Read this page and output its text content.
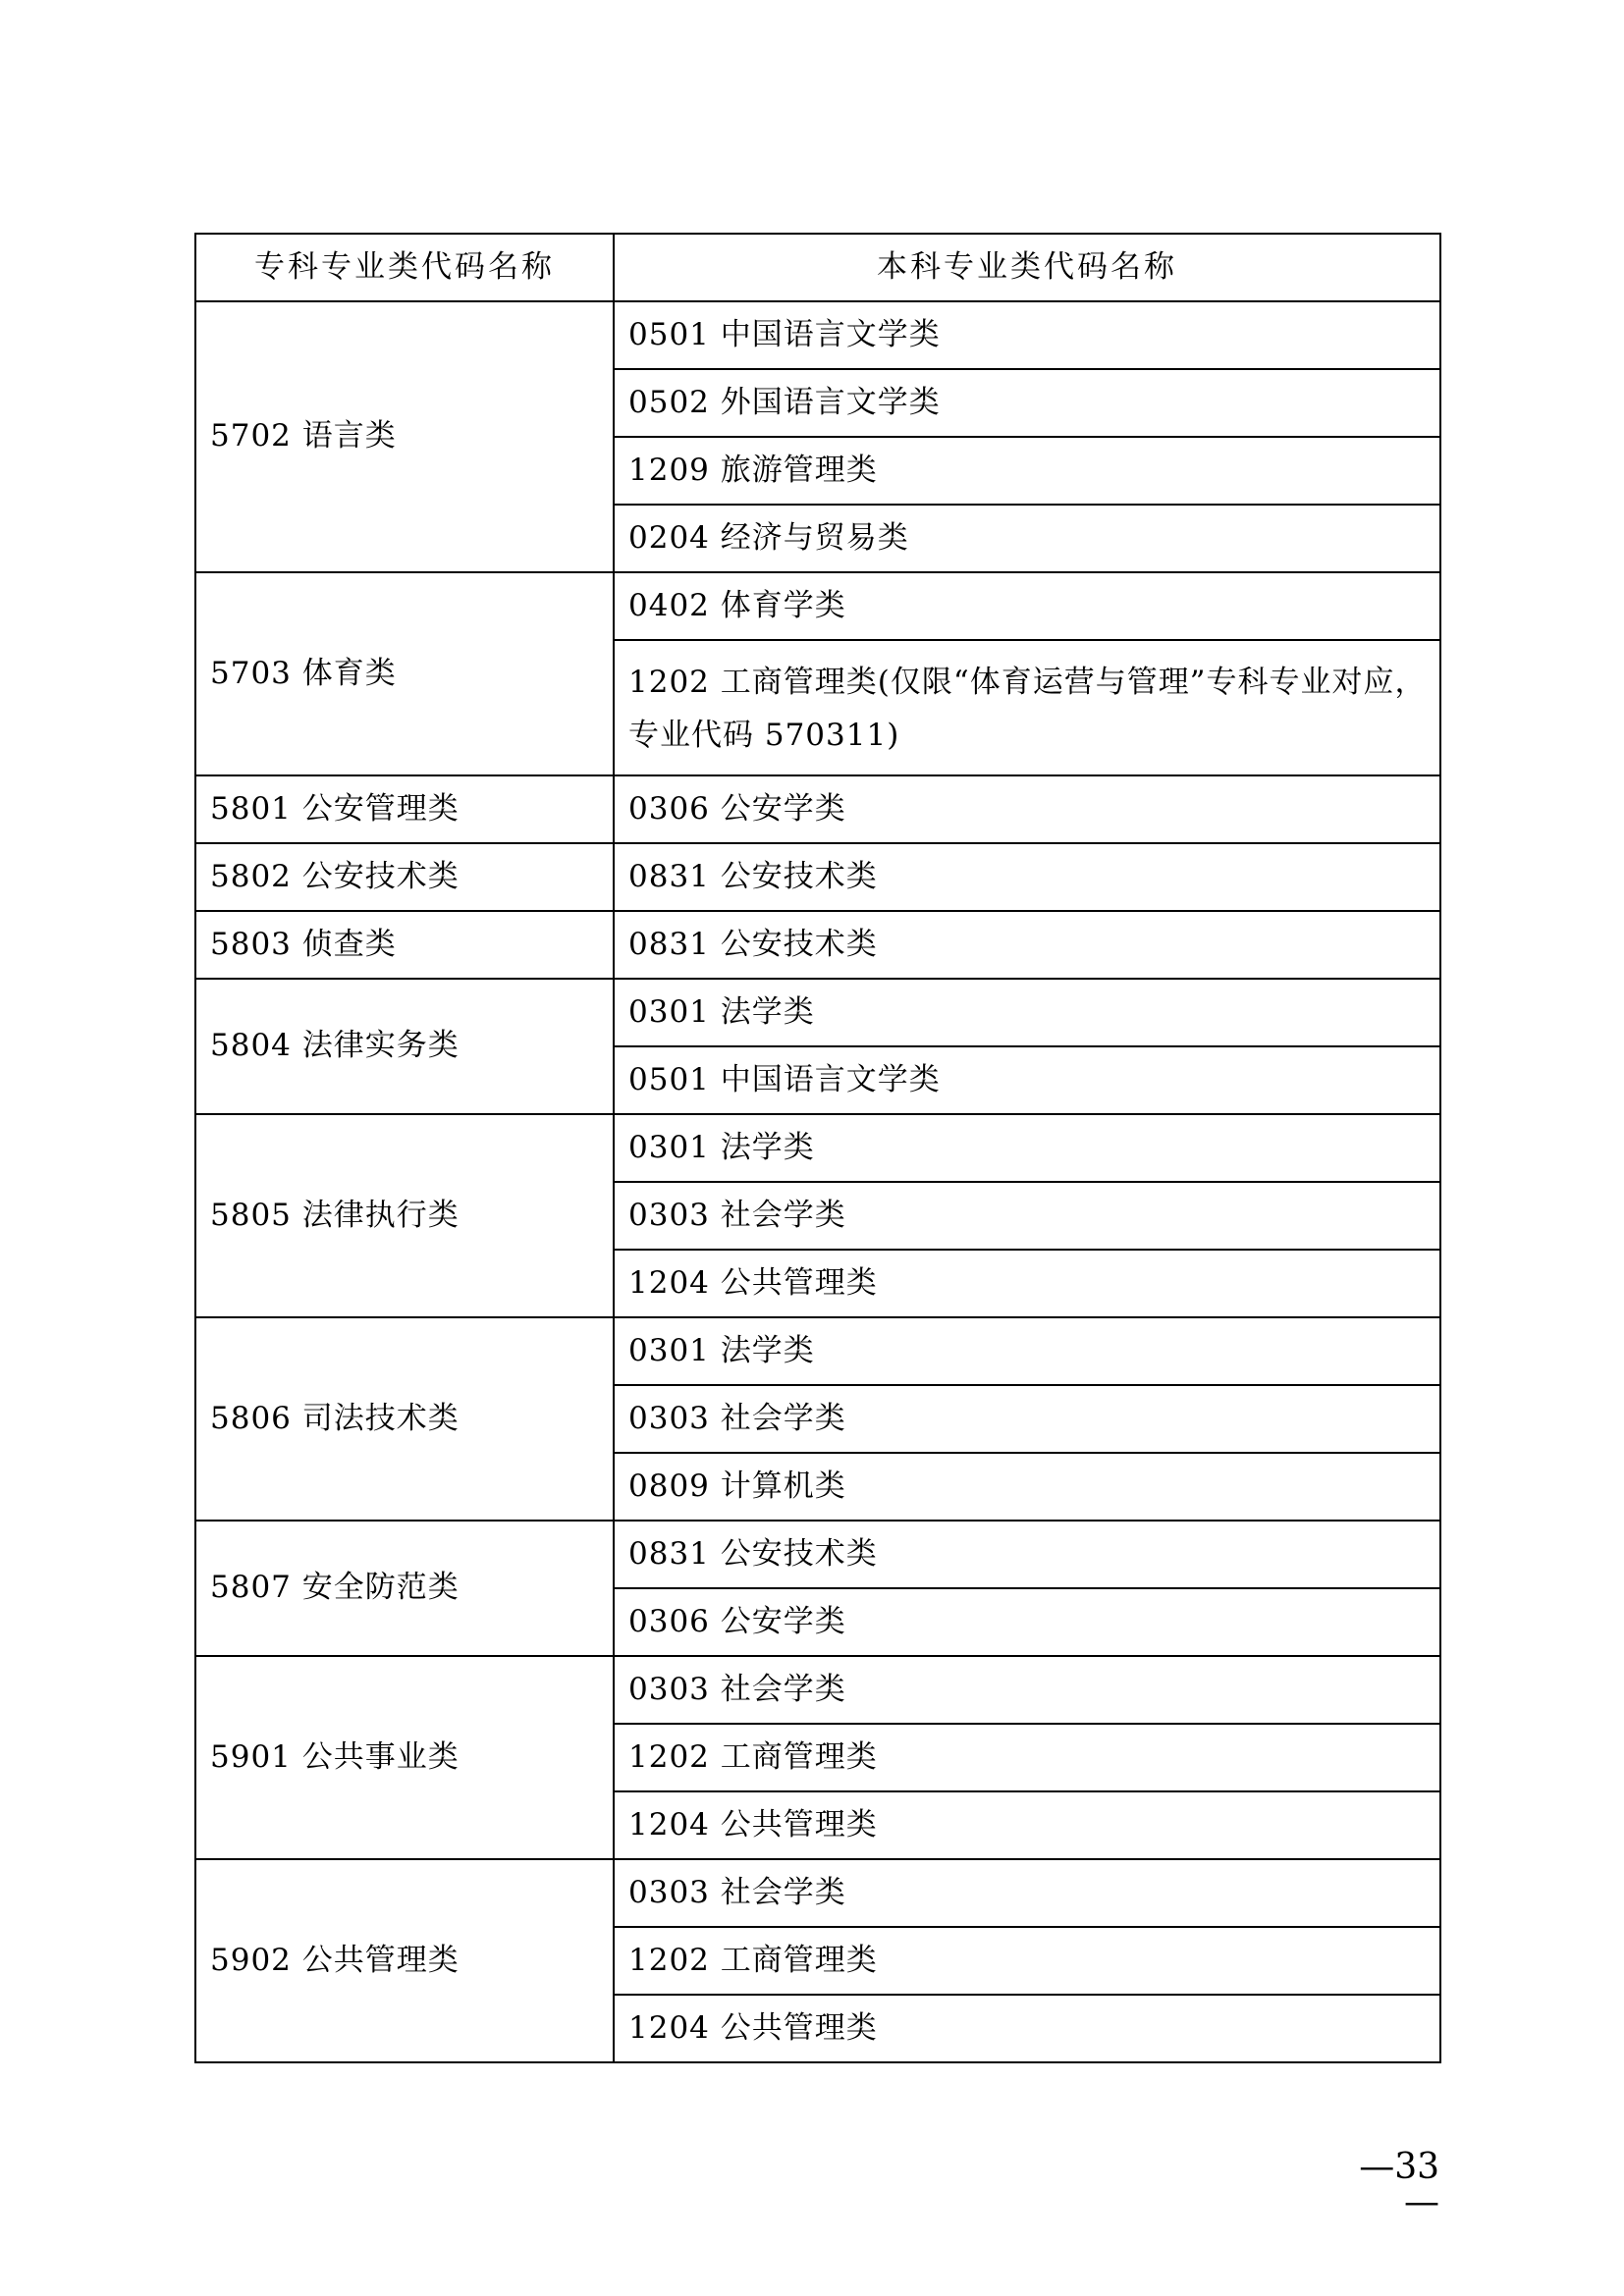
专科专业类代码名称	本科专业类代码名称
5702 语言类	0501 中国语言文学类
	0502 外国语言文学类
	1209 旅游管理类
	0204 经济与贸易类
5703 体育类	0402 体育学类
	1202 工商管理类(仅限“体育运营与管理”专科专业对应，专业代码 570311)
5801 公安管理类	0306 公安学类
5802 公安技术类	0831 公安技术类
5803 侦查类	0831 公安技术类
5804 法律实务类	0301 法学类
	0501 中国语言文学类
5805 法律执行类	0301 法学类
	0303 社会学类
	1204 公共管理类
5806 司法技术类	0301 法学类
	0303 社会学类
	0809 计算机类
5807 安全防范类	0831 公安技术类
	0306 公安学类
5901 公共事业类	0303 社会学类
	1202 工商管理类
	1204 公共管理类
5902 公共管理类	0303 社会学类
	1202 工商管理类
	1204 公共管理类
—33—
